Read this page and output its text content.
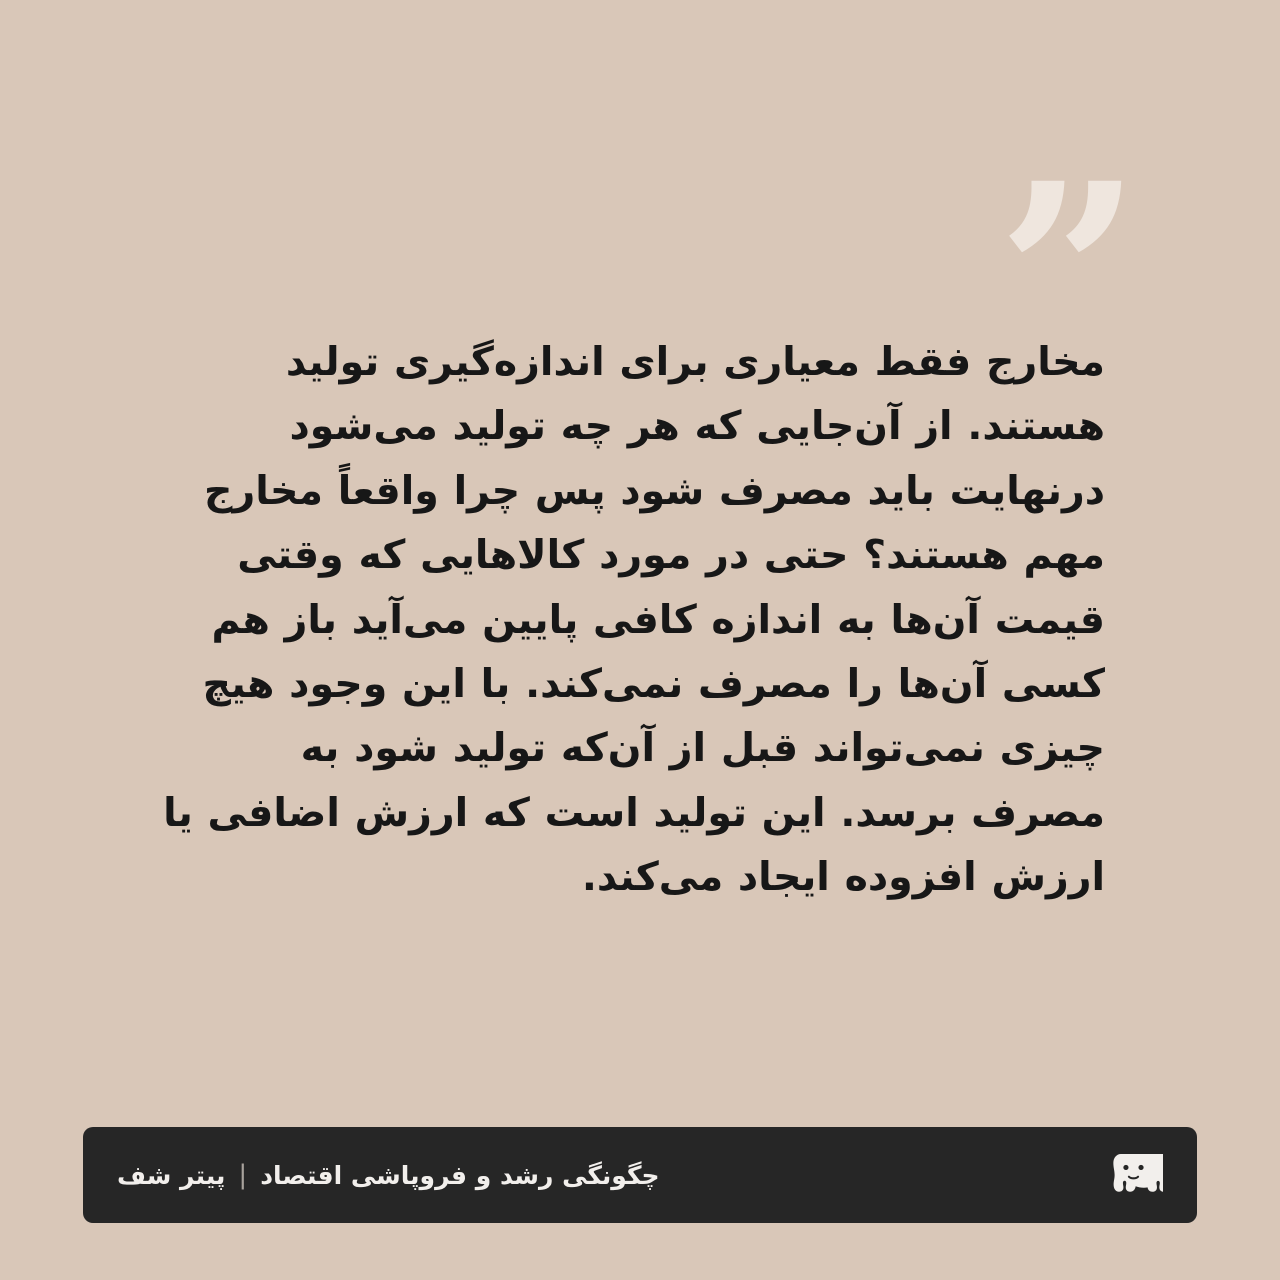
”
مخارج فقط معیاری برای اندازه‌گیری تولید هستند. از آن‌جایی که هر چه تولید می‌شود درنهایت باید مصرف شود پس چرا واقعاً مخارج مهم هستند؟ حتی در مورد کالاهایی که وقتی قیمت آن‌ها به اندازه کافی پایین می‌آید باز هم کسی آن‌ها را مصرف نمی‌کند. با این وجود هیچ چیزی نمی‌تواند قبل از آن‌که تولید شود به مصرف برسد. این تولید است که ارزش اضافی یا ارزش افزوده ایجاد می‌کند.
چگونگی رشد و فروپاشی اقتصاد
|
پیتر شف
